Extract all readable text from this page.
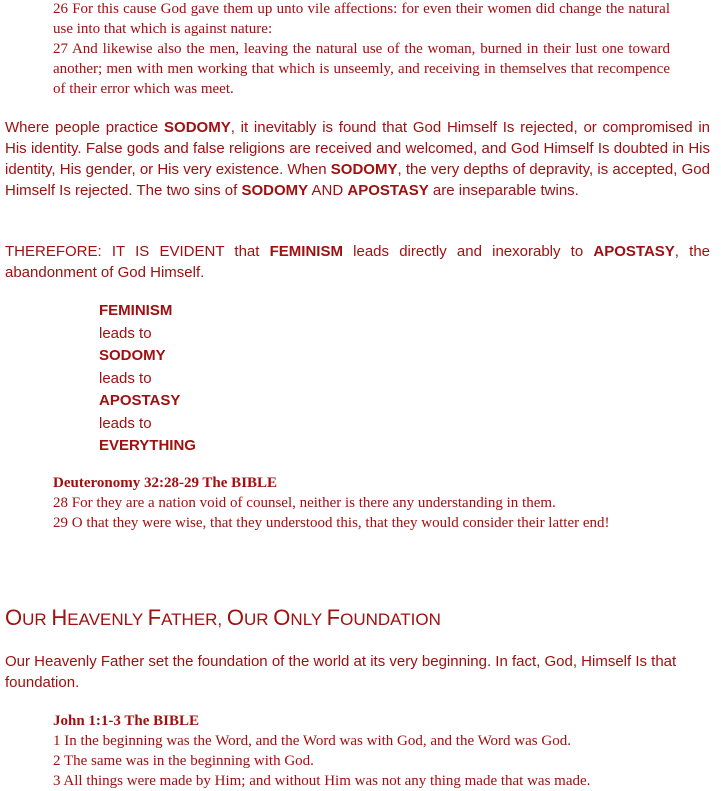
26 For this cause God gave them up unto vile affections: for even their women did change the natural use into that which is against nature:
27 And likewise also the men, leaving the natural use of the woman, burned in their lust one toward another; men with men working that which is unseemly, and receiving in themselves that recompence of their error which was meet.
Where people practice SODOMY, it inevitably is found that God Himself Is rejected, or compromised in His identity. False gods and false religions are received and welcomed, and God Himself Is doubted in His identity, His gender, or His very existence. When SODOMY, the very depths of depravity, is accepted, God Himself Is rejected. The two sins of SODOMY AND APOSTASY are inseparable twins.
THEREFORE: IT IS EVIDENT that FEMINISM leads directly and inexorably to APOSTASY, the abandonment of God Himself.
FEMINISM
leads to
SODOMY
leads to
APOSTASY
leads to
EVERYTHING
Deuteronomy 32:28-29 The BIBLE
28 For they are a nation void of counsel, neither is there any understanding in them.
29 O that they were wise, that they understood this, that they would consider their latter end!
OUR HEAVENLY FATHER, OUR ONLY FOUNDATION
Our Heavenly Father set the foundation of the world at its very beginning. In fact, God, Himself Is that foundation.
John 1:1-3 The BIBLE
1 In the beginning was the Word, and the Word was with God, and the Word was God.
2 The same was in the beginning with God.
3 All things were made by Him; and without Him was not any thing made that was made.
